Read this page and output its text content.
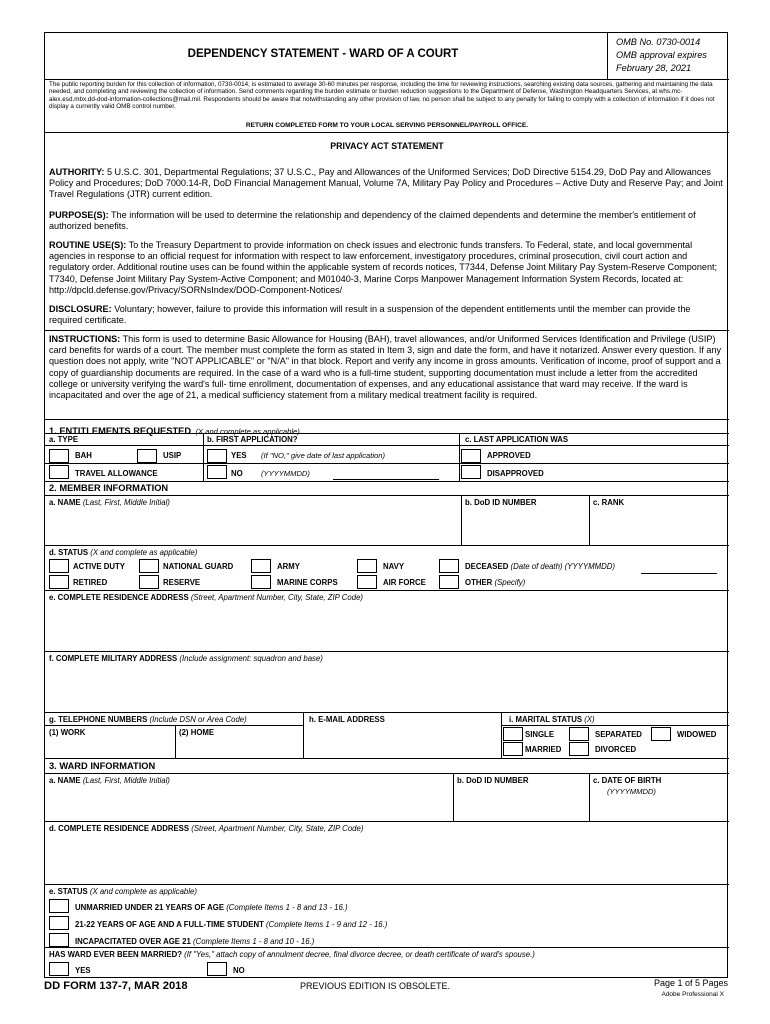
DEPENDENCY STATEMENT - WARD OF A COURT
OMB No. 0730-0014
OMB approval expires
February 28, 2021
The public reporting burden for this collection of information, 0730-0014, is estimated to average 30-60 minutes per response, including the time for reviewing instructions, searching existing data sources, gathering and maintaining the data needed, and completing and reviewing the collection of information. Send comments regarding the burden estimate or burden reduction suggestions to the Department of Defense, Washington Headquarters Services, at whs.mc-alex.esd.mbx.dd-dod-information-collections@mail.mil. Respondents should be aware that notwithstanding any other provision of law, no person shall be subject to any penalty for failing to comply with a collection of information if it does not display a currently valid OMB control number.
RETURN COMPLETED FORM TO YOUR LOCAL SERVING PERSONNEL/PAYROLL OFFICE.
PRIVACY ACT STATEMENT
AUTHORITY: 5 U.S.C. 301, Departmental Regulations; 37 U.S.C., Pay and Allowances of the Uniformed Services; DoD Directive 5154.29, DoD Pay and Allowances Policy and Procedures; DoD 7000.14-R, DoD Financial Management Manual, Volume 7A, Military Pay Policy and Procedures – Active Duty and Reserve Pay; and Joint Travel Regulations (JTR) current edition.
PURPOSE(S): The information will be used to determine the relationship and dependency of the claimed dependents and determine the member's entitlement of authorized benefits.
ROUTINE USE(S): To the Treasury Department to provide information on check issues and electronic funds transfers. To Federal, state, and local governmental agencies in response to an official request for information with respect to law enforcement, investigatory procedures, criminal prosecution, civil court action and regulatory order. Additional routine uses can be found within the applicable system of records notices, T7344, Defense Joint Military Pay System-Reserve Component; T7340, Defense Joint Military Pay System-Active Component; and M01040-3, Marine Corps Manpower Management Information System Records, located at: http://dpcld.defense.gov/Privacy/SORNsIndex/DOD-Component-Notices/
DISCLOSURE: Voluntary; however, failure to provide this information will result in a suspension of the dependent entitlements until the member can provide the required certificate.
INSTRUCTIONS: This form is used to determine Basic Allowance for Housing (BAH), travel allowances, and/or Uniformed Services Identification and Privilege (USIP) card benefits for wards of a court. The member must complete the form as stated in Item 3, sign and date the form, and have it notarized. Answer every question. If any question does not apply, write "NOT APPLICABLE" or "N/A" in that block. Report and verify any income in gross amounts. Verification of income, proof of support and a copy of guardianship documents are required. In the case of a ward who is a full-time student, supporting documentation must include a letter from the accredited college or university verifying the ward's full- time enrollment, documentation of expenses, and any educational assistance that ward may receive. If the ward is incapacitated and over the age of 21, a medical sufficiency statement from a military medical treatment facility is required.
1. ENTITLEMENTS REQUESTED (X and complete as applicable)
a. TYPE
BAH	USIP
TRAVEL ALLOWANCE
b. FIRST APPLICATION?
YES (If "NO," give date of last application)
NO (YYYYMMDD)
c. LAST APPLICATION WAS
APPROVED
DISAPPROVED
2. MEMBER INFORMATION
a. NAME (Last, First, Middle Initial)	b. DoD ID NUMBER	c. RANK
d. STATUS (X and complete as applicable)
ACTIVE DUTY	NATIONAL GUARD	ARMY	NAVY	DECEASED (Date of death) (YYYYMMDD)
RETIRED	RESERVE	MARINE CORPS	AIR FORCE	OTHER (Specify)
e. COMPLETE RESIDENCE ADDRESS (Street, Apartment Number, City, State, ZIP Code)
f. COMPLETE MILITARY ADDRESS (Include assignment: squadron and base)
g. TELEPHONE NUMBERS (Include DSN or Area Code)	h. E-MAIL ADDRESS	i. MARITAL STATUS (X)
(1) WORK	(2) HOME	SINGLE	SEPARATED	WIDOWED
MARRIED	DIVORCED
3. WARD INFORMATION
a. NAME (Last, First, Middle Initial)	b. DoD ID NUMBER	c. DATE OF BIRTH
(YYYYMMDD)
d. COMPLETE RESIDENCE ADDRESS (Street, Apartment Number, City, State, ZIP Code)
e. STATUS (X and complete as applicable)
UNMARRIED UNDER 21 YEARS OF AGE (Complete Items 1 - 8 and 13 - 16.)
21-22 YEARS OF AGE AND A FULL-TIME STUDENT (Complete Items 1 - 9 and 12 - 16.)
INCAPACITATED OVER AGE 21 (Complete Items 1 - 8 and 10 - 16.)
HAS WARD EVER BEEN MARRIED? (If "Yes," attach copy of annulment decree, final divorce decree, or death certificate of ward's spouse.)
YES	NO
DD FORM 137-7, MAR 2018	PREVIOUS EDITION IS OBSOLETE.	Page 1 of 5 Pages
Adobe Professional X
